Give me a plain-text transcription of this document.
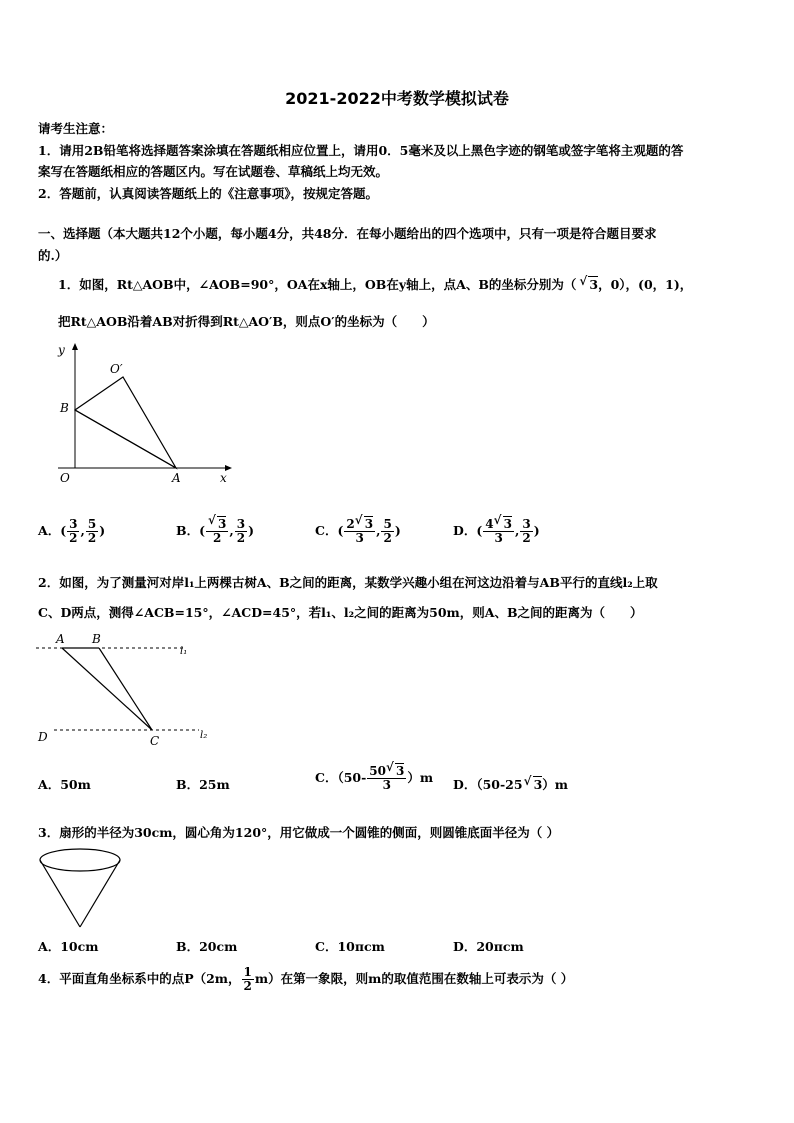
2021-2022中考数学模拟试卷
请考生注意：
1．请用2B铅笔将选择题答案涂填在答题纸相应位置上，请用0．5毫米及以上黑色字迹的钢笔或签字笔将主观题的答
案写在答题纸相应的答题区内。写在试题卷、草稿纸上均无效。
2．答题前，认真阅读答题纸上的《注意事项》，按规定答题。
一、选择题（本大题共12个小题，每小题4分，共48分．在每小题给出的四个选项中，只有一项是符合题目要求
的.）
1．如图，Rt△AOB中，∠AOB=90°，OA在x轴上，OB在y轴上，点A、B的坐标分别为（ √ 3，0），(0，1)，
把Rt△AOB沿着AB对折得到Rt△AO′B，则点O′的坐标为（　　）
y
x
O	A
B
O′
A．( $\frac{3}{2}$ , $\frac{5}{2}$ )	B．( √ $\frac{3}{2}$ , $\frac{3}{2}$ )	C．( $\frac{2 √ 3}{3}$ , $\frac{5}{2}$ )	D．( $\frac{4 √ 3}{3}$ , $\frac{3}{2}$ )
2．如图，为了测量河对岸l₁上两棵古树A、B之间的距离，某数学兴趣小组在河这边沿着与AB平行的直线l₂上取
C、D两点，测得∠ACB=15°，∠ACD=45°，若l₁、l₂之间的距离为50m，则A、B之间的距离为（　　）
A B
D	C
l₁
l₂
A．50m	B．25m	C．$(50- \frac{50 √ 3}{3} )m$ D．（50-25 √ 3）m
3．扇形的半径为30cm，圆心角为120°，用它做成一个圆锥的侧面，则圆锥底面半径为（ ）
A．10cm	B．20cm	C．10πcm	D．20πcm
4．平面直角坐标系中的点P（2m， $\frac{1}{2} m$）在第一象限，则m的取值范围在数轴上可表示为（ ）
